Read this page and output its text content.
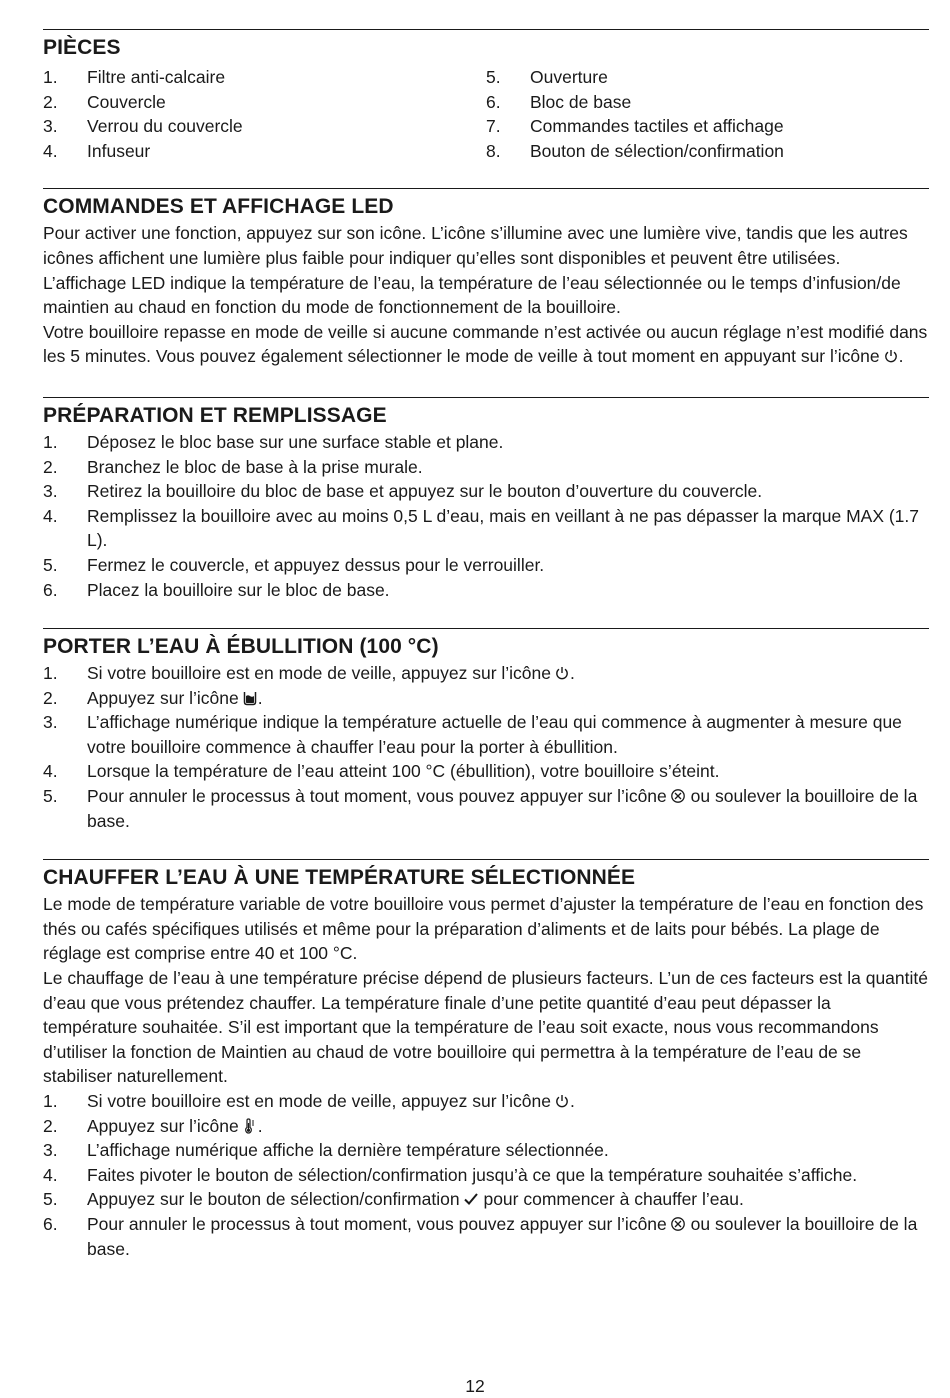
PIÈCES
1.	Filtre anti-calcaire
2.	Couvercle
3.	Verrou du couvercle
4.	Infuseur
5.	Ouverture
6.	Bloc de base
7.	Commandes tactiles et affichage
8.	Bouton de sélection/confirmation
COMMANDES ET AFFICHAGE LED

Pour activer une fonction, appuyez sur son icône. L’icône s’illumine avec une lumière vive, tandis que les autres icônes affichent une lumière plus faible pour indiquer qu’elles sont disponibles et peuvent être utilisées.

L’affichage LED indique la température de l’eau, la température de l’eau sélectionnée ou le temps d’infusion/de maintien au chaud en fonction du mode de fonctionnement de la bouilloire.

Votre bouilloire repasse en mode de veille si aucune commande n’est activée ou aucun réglage n’est modifié dans les 5 minutes. Vous pouvez également sélectionner le mode de veille à tout moment en appuyant sur l’icône .

PRÉPARATION ET REMPLISSAGE
1.	Déposez le bloc base sur une surface stable et plane.
2.	Branchez le bloc de base à la prise murale.
3.	Retirez la bouilloire du bloc de base et appuyez sur le bouton d’ouverture du couvercle.
4.	Remplissez la bouilloire avec au moins 0,5 L d’eau, mais en veillant à ne pas dépasser la marque MAX (1.7 L).
5.	Fermez le couvercle, et appuyez dessus pour le verrouiller.
6.	Placez la bouilloire sur le bloc de base.
PORTER L’EAU À ÉBULLITION (100 °C)
1.	Si votre bouilloire est en mode de veille, appuyez sur l’icône .
2.	Appuyez sur l’icône .
3.	L’affichage numérique indique la température actuelle de l’eau qui commence à augmenter à mesure que votre bouilloire commence à chauffer l’eau pour la porter à ébullition.
4.	Lorsque la température de l’eau atteint 100 °C (ébullition), votre bouilloire s’éteint.
5.	Pour annuler le processus à tout moment, vous pouvez appuyer sur l’icône
ou soulever la bouilloire de la base.
CHAUFFER L’EAU À UNE TEMPÉRATURE SÉLECTIONNÉE

Le mode de température variable de votre bouilloire vous permet d’ajuster la température de l’eau en fonction des thés ou cafés spécifiques utilisés et même pour la préparation d’aliments et de laits pour bébés. La plage de réglage est comprise entre 40 et 100 °C.

Le chauffage de l’eau à une température précise dépend de plusieurs facteurs. L’un de ces facteurs est la quantité d’eau que vous prétendez chauffer. La température finale d’une petite quantité d’eau peut dépasser la température souhaitée. S’il est important que la température de l’eau soit exacte, nous vous recommandons d’utiliser la fonction de Maintien au chaud de votre bouilloire qui permettra à la température de l’eau de se stabiliser naturellement.

1.	Si votre bouilloire est en mode de veille, appuyez sur l’icône .
2.	Appuyez sur l’icône .
3.	L’affichage numérique affiche la dernière température sélectionnée.
4.	Faites pivoter le bouton de sélection/confirmation jusqu’à ce que la température souhaitée s’affiche.
5.	Appuyez sur le bouton de sélection/confirmation
pour commencer à chauffer l’eau.
6.	Pour annuler le processus à tout moment, vous pouvez appuyer sur l’icône
ou soulever la bouilloire de la base.
12
